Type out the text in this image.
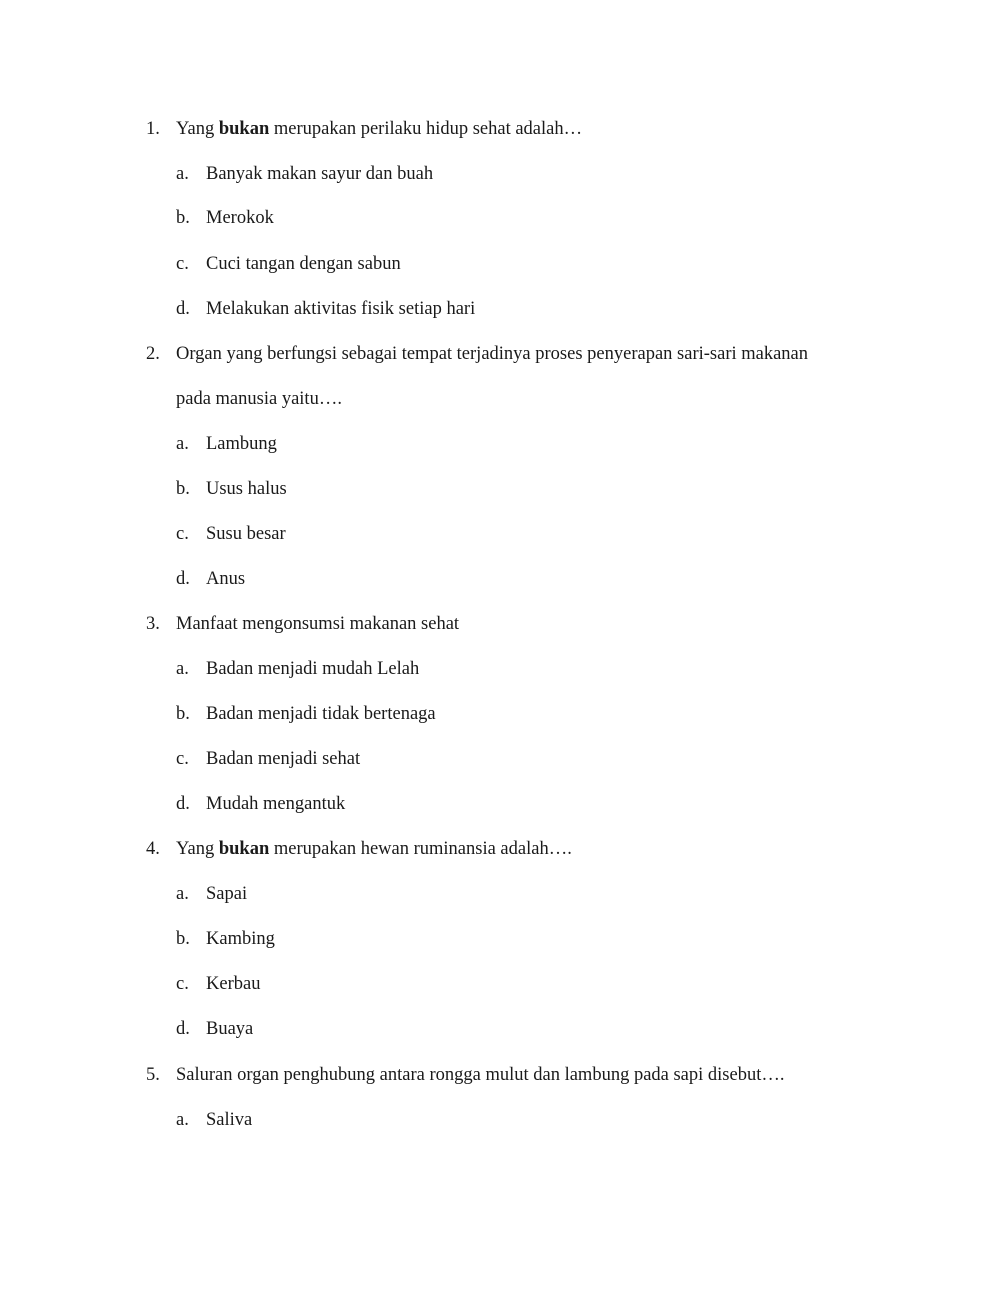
1. Yang bukan merupakan perilaku hidup sehat adalah…
a. Banyak makan sayur dan buah
b. Merokok
c. Cuci tangan dengan sabun
d. Melakukan aktivitas fisik setiap hari
2. Organ yang berfungsi sebagai tempat terjadinya proses penyerapan sari-sari makanan
pada manusia yaitu….
a. Lambung
b. Usus halus
c. Susu besar
d. Anus
3. Manfaat mengonsumsi makanan sehat
a. Badan menjadi mudah Lelah
b. Badan menjadi tidak bertenaga
c. Badan menjadi sehat
d. Mudah mengantuk
4. Yang bukan merupakan hewan ruminansia adalah….
a. Sapai
b. Kambing
c. Kerbau
d. Buaya
5. Saluran organ penghubung antara rongga mulut dan lambung pada sapi disebut….
a. Saliva
